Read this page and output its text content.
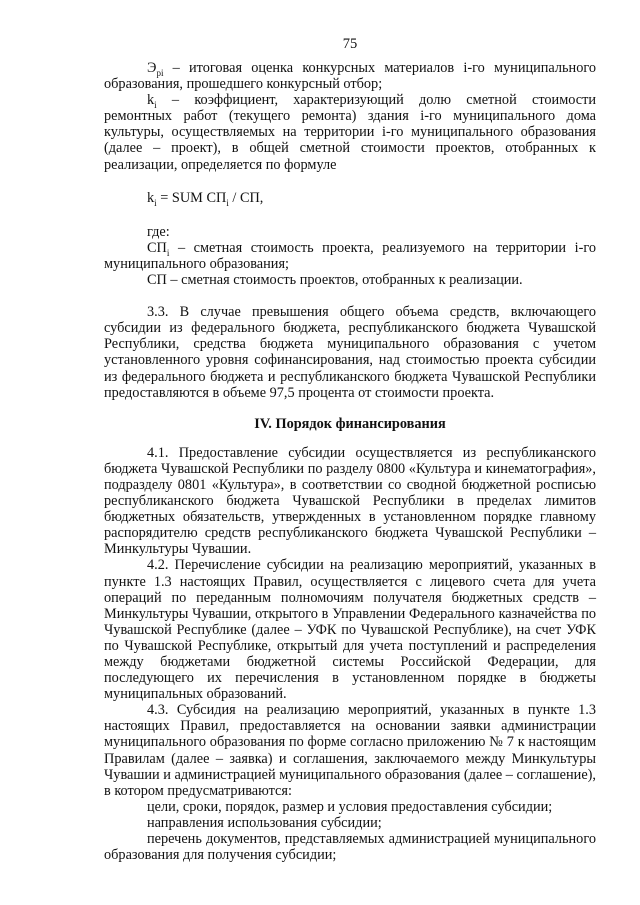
75

$Э_{рi}$ – итоговая оценка конкурсных материалов i-го муниципального образования, прошедшего конкурсный отбор;

$k_i$ – коэффициент, характеризующий долю сметной стоимости ремонтных работ (текущего ремонта) здания i-го муниципального дома культуры, осуществляемых на территории i-го муниципального образования (далее – проект), в общей сметной стоимости проектов, отобранных к реализации, определяется по формуле

$k_i$ = SUM $СП_i$ / СП,

где:

$СП_i$ – сметная стоимость проекта, реализуемого на территории i-го муниципального образования;

СП – сметная стоимость проектов, отобранных к реализации.

3.3. В случае превышения общего объема средств, включающего субсидии из федерального бюджета, республиканского бюджета Чувашской Республики, средства бюджета муниципального образования с учетом установленного уровня софинансирования, над стоимостью проекта субсидии из федерального бюджета и республиканского бюджета Чувашской Республики предоставляются в объеме 97,5 процента от стоимости проекта.

IV. Порядок финансирования

4.1. Предоставление субсидии осуществляется из республиканского бюджета Чувашской Республики по разделу 0800 «Культура и кинематография», подразделу 0801 «Культура», в соответствии со сводной бюджетной росписью республиканского бюджета Чувашской Республики в пределах лимитов бюджетных обязательств, утвержденных в установленном порядке главному распорядителю средств республиканского бюджета Чувашской Республики – Минкультуры Чувашии.

4.2. Перечисление субсидии на реализацию мероприятий, указанных в пункте 1.3 настоящих Правил, осуществляется с лицевого счета для учета операций по переданным полномочиям получателя бюджетных средств – Минкультуры Чувашии, открытого в Управлении Федерального казначейства по Чувашской Республике (далее – УФК по Чувашской Республике), на счет УФК по Чувашской Республике, открытый для учета поступлений и распределения между бюджетами бюджетной системы Российской Федерации, для последующего их перечисления в установленном порядке в бюджеты муниципальных образований.

4.3. Субсидия на реализацию мероприятий, указанных в пункте 1.3 настоящих Правил, предоставляется на основании заявки администрации муниципального образования по форме согласно приложению № 7 к настоящим Правилам (далее – заявка) и соглашения, заключаемого между Минкультуры Чувашии и администрацией муниципального образования (далее – соглашение), в котором предусматриваются:

цели, сроки, порядок, размер и условия предоставления субсидии;

направления использования субсидии;

перечень документов, представляемых администрацией муниципального образования для получения субсидии;
